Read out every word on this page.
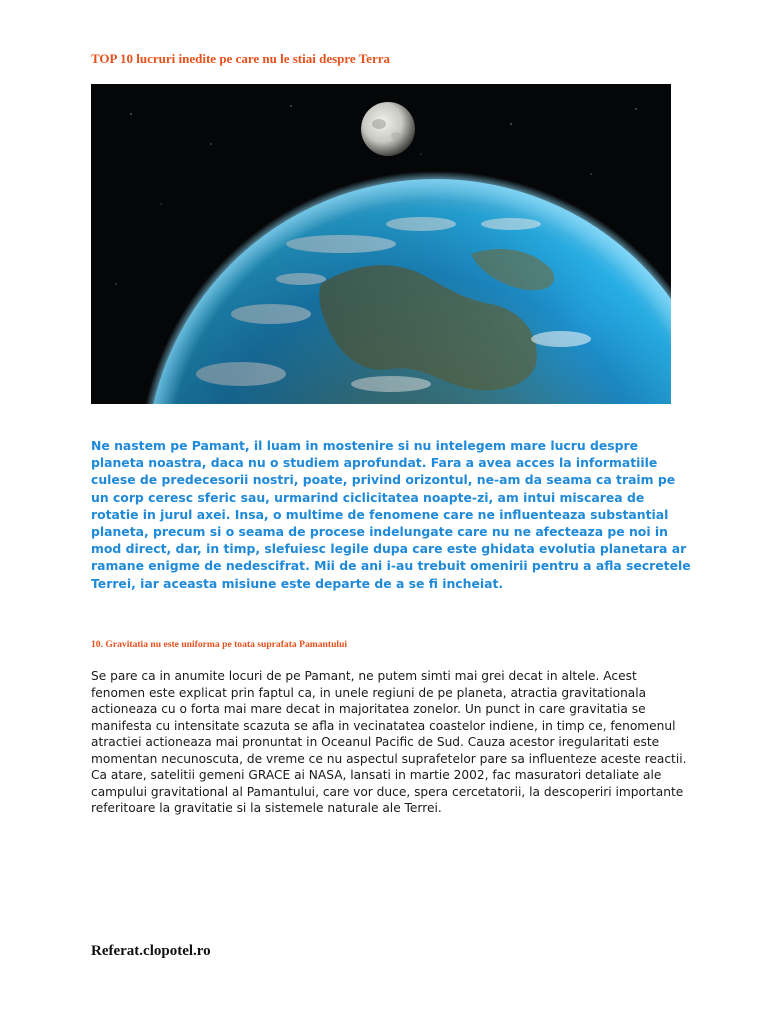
TOP 10 lucruri inedite pe care nu le stiai despre Terra

Ne nastem pe Pamant, il luam in mostenire si nu intelegem mare lucru despre planeta noastra, daca nu o studiem aprofundat. Fara a avea acces la informatiile culese de predecesorii nostri, poate, privind orizontul, ne-am da seama ca traim pe un corp ceresc sferic sau, urmarind ciclicitatea noapte-zi, am intui miscarea de rotatie in jurul axei. Insa, o multime de fenomene care ne influenteaza substantial planeta, precum si o seama de procese indelungate care nu ne afecteaza pe noi in mod direct, dar, in timp, slefuiesc legile dupa care este ghidata evolutia planetara ar ramane enigme de nedescifrat. Mii de ani i-au trebuit omenirii pentru a afla secretele Terrei, iar aceasta misiune este departe de a se fi incheiat.

10. Gravitatia nu este uniforma pe toata suprafata Pamantului

Se pare ca in anumite locuri de pe Pamant, ne putem simti mai grei decat in altele. Acest fenomen este explicat prin faptul ca, in unele regiuni de pe planeta, atractia gravitationala actioneaza cu o forta mai mare decat in majoritatea zonelor. Un punct in care gravitatia se manifesta cu intensitate scazuta se afla in vecinatatea coastelor indiene, in timp ce, fenomenul atractiei actioneaza mai pronuntat in Oceanul Pacific de Sud. Cauza acestor iregularitati este momentan necunoscuta, de vreme ce nu aspectul suprafetelor pare sa influenteze aceste reactii. Ca atare, satelitii gemeni GRACE ai NASA, lansati in martie 2002, fac masuratori detaliate ale campului gravitational al Pamantului, care vor duce, spera cercetatorii, la descoperiri importante referitoare la gravitatie si la sistemele naturale ale Terrei.

Referat.clopotel.ro
